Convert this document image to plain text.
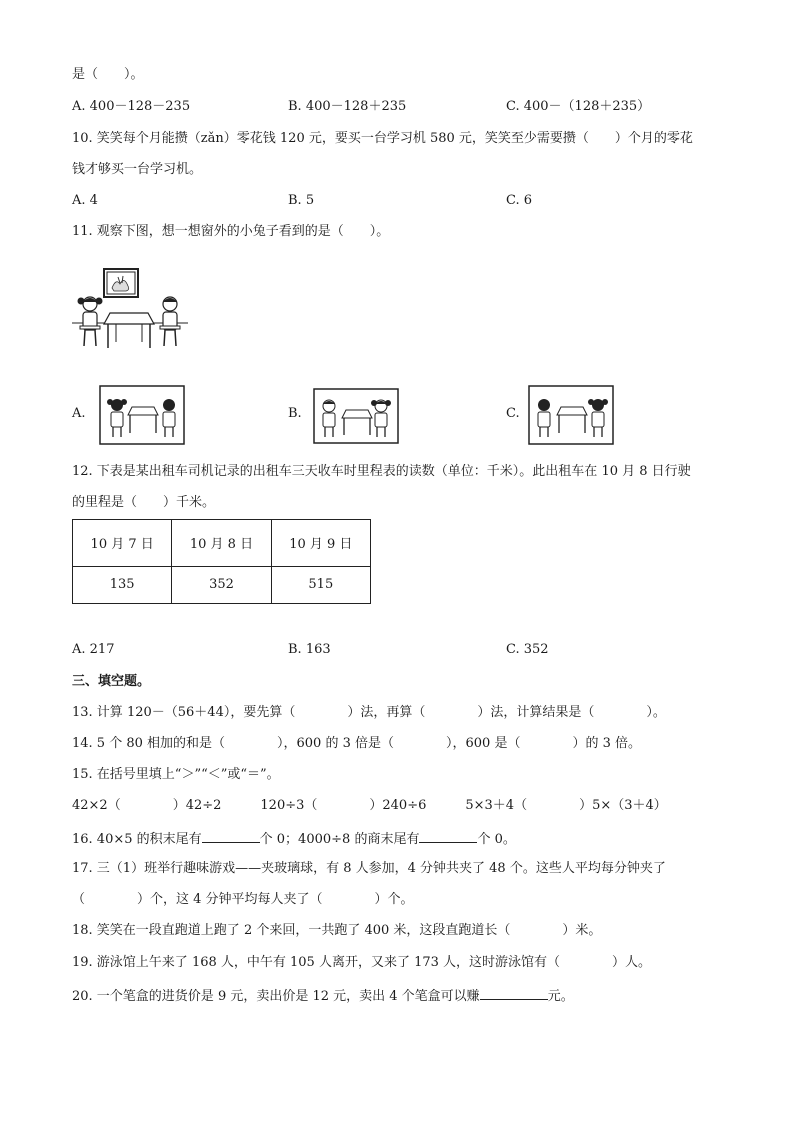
是（　　）。
A. 400－128－235	B. 400－128＋235	C. 400－（128＋235）
10. 笑笑每个月能攒（zǎn）零花钱 120 元，要买一台学习机 580 元，笑笑至少需要攒（　　）个月的零花
钱才够买一台学习机。
A. 4	B. 5	C. 6
11. 观察下图，想一想窗外的小兔子看到的是（　　）。
A.	B.	C.
12. 下表是某出租车司机记录的出租车三天收车时里程表的读数（单位：千米）。此出租车在 10 月 8 日行驶
的里程是（　　）千米。
10 月 7 日	10 月 8 日	10 月 9 日
135	352	515
A. 217	B. 163	C. 352
三、填空题。
13. 计算 120－（56＋44），要先算（　　　　）法，再算（　　　　）法，计算结果是（　　　　）。
14. 5 个 80 相加的和是（　　　　），600 的 3 倍是（　　　　），600 是（　　　　）的 3 倍。
15. 在括号里填上“＞”“＜”或“＝”。
42×2（　　　　）42÷2　　　120÷3（　　　　）240÷6　　　5×3＋4（　　　　）5×（3＋4）
16. 40×5 的积末尾有	个 0；4000÷8 的商末尾有	个 0。
17. 三（1）班举行趣味游戏——夹玻璃球，有 8 人参加，4 分钟共夹了 48 个。这些人平均每分钟夹了
（　　　　）个，这 4 分钟平均每人夹了（　　　　）个。
18. 笑笑在一段直跑道上跑了 2 个来回，一共跑了 400 米，这段直跑道长（　　　　）米。
19. 游泳馆上午来了 168 人，中午有 105 人离开，又来了 173 人，这时游泳馆有（　　　　）人。
20. 一个笔盒的进货价是 9 元，卖出价是 12 元，卖出 4 个笔盒可以赚	元。
